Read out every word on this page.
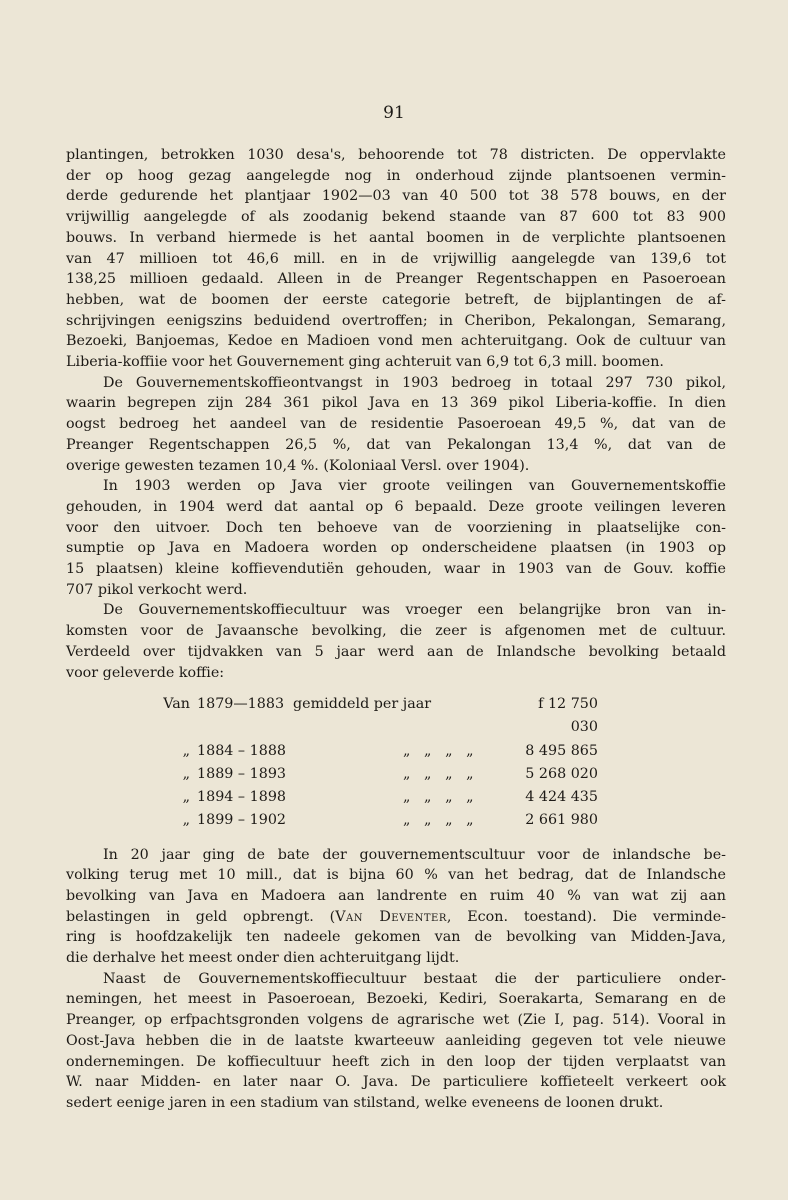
91

plantingen, betrokken 1030 desa's, behoorende tot 78 districten. De oppervlakte
der op hoog gezag aangelegde nog in onderhoud zijnde plantsoenen vermin-
derde gedurende het plantjaar 1902—03 van 40 500 tot 38 578 bouws, en der
vrijwillig aangelegde of als zoodanig bekend staande van 87 600 tot 83 900
bouws. In verband hiermede is het aantal boomen in de verplichte plantsoenen
van 47 millioen tot 46,6 mill. en in de vrijwillig aangelegde van 139,6 tot
138,25 millioen gedaald. Alleen in de Preanger Regentschappen en Pasoeroean
hebben, wat de boomen der eerste categorie betreft, de bijplantingen de af-
schrijvingen eenigszins beduidend overtroffen; in Cheribon, Pekalongan, Semarang,
Bezoeki, Banjoemas, Kedoe en Madioen vond men achteruitgang. Ook de cultuur van
Liberia-koffiie voor het Gouvernement ging achteruit van 6,9 tot 6,3 mill. boomen.

De Gouvernementskoffieontvangst in 1903 bedroeg in totaal 297 730 pikol,
waarin begrepen zijn 284 361 pikol Java en 13 369 pikol Liberia-koffie. In dien
oogst bedroeg het aandeel van de residentie Pasoeroean 49,5 %, dat van de
Preanger Regentschappen 26,5 %, dat van Pekalongan 13,4 %, dat van de
overige gewesten tezamen 10,4 %. (Koloniaal Versl. over 1904).

In 1903 werden op Java vier groote veilingen van Gouvernementskoffie
gehouden, in 1904 werd dat aantal op 6 bepaald. Deze groote veilingen leveren
voor den uitvoer. Doch ten behoeve van de voorziening in plaatselijke con-
sumptie op Java en Madoera worden op onderscheidene plaatsen (in 1903 op
15 plaatsen) kleine koffievendutiën gehouden, waar in 1903 van de Gouv. koffie
707 pikol verkocht werd.

De Gouvernementskoffiecultuur was vroeger een belangrijke bron van in-
komsten voor de Javaansche bevolking, die zeer is afgenomen met de cultuur.
Verdeeld over tijdvakken van 5 jaar werd aan de Inlandsche bevolking betaald
voor geleverde koffie:

Van 1879—1883 gemiddeld per jaar	f 12 750 030
„ 1884 – 1888	„   „   „   „	8 495 865
„ 1889 – 1893	„   „   „   „	5 268 020
„ 1894 – 1898	„   „   „   „	4 424 435
„ 1899 – 1902	„   „   „   „	2 661 980

In 20 jaar ging de bate der gouvernementscultuur voor de inlandsche be-
volking terug met 10 mill., dat is bijna 60 % van het bedrag, dat de Inlandsche
bevolking van Java en Madoera aan landrente en ruim 40 % van wat zij aan
belastingen in geld opbrengt. (Van Deventer, Econ. toestand). Die verminde-
ring is hoofdzakelijk ten nadeele gekomen van de bevolking van Midden-Java,
die derhalve het meest onder dien achteruitgang lijdt.

Naast de Gouvernementskoffiecultuur bestaat die der particuliere onder-
nemingen, het meest in Pasoeroean, Bezoeki, Kediri, Soerakarta, Semarang en de
Preanger, op erfpachtsgronden volgens de agrarische wet (Zie I, pag. 514). Vooral in
Oost-Java hebben die in de laatste kwarteeuw aanleiding gegeven tot vele nieuwe
ondernemingen. De koffiecultuur heeft zich in den loop der tijden verplaatst van
W. naar Midden- en later naar O. Java. De particuliere koffieteelt verkeert ook
sedert eenige jaren in een stadium van stilstand, welke eveneens de loonen drukt.
